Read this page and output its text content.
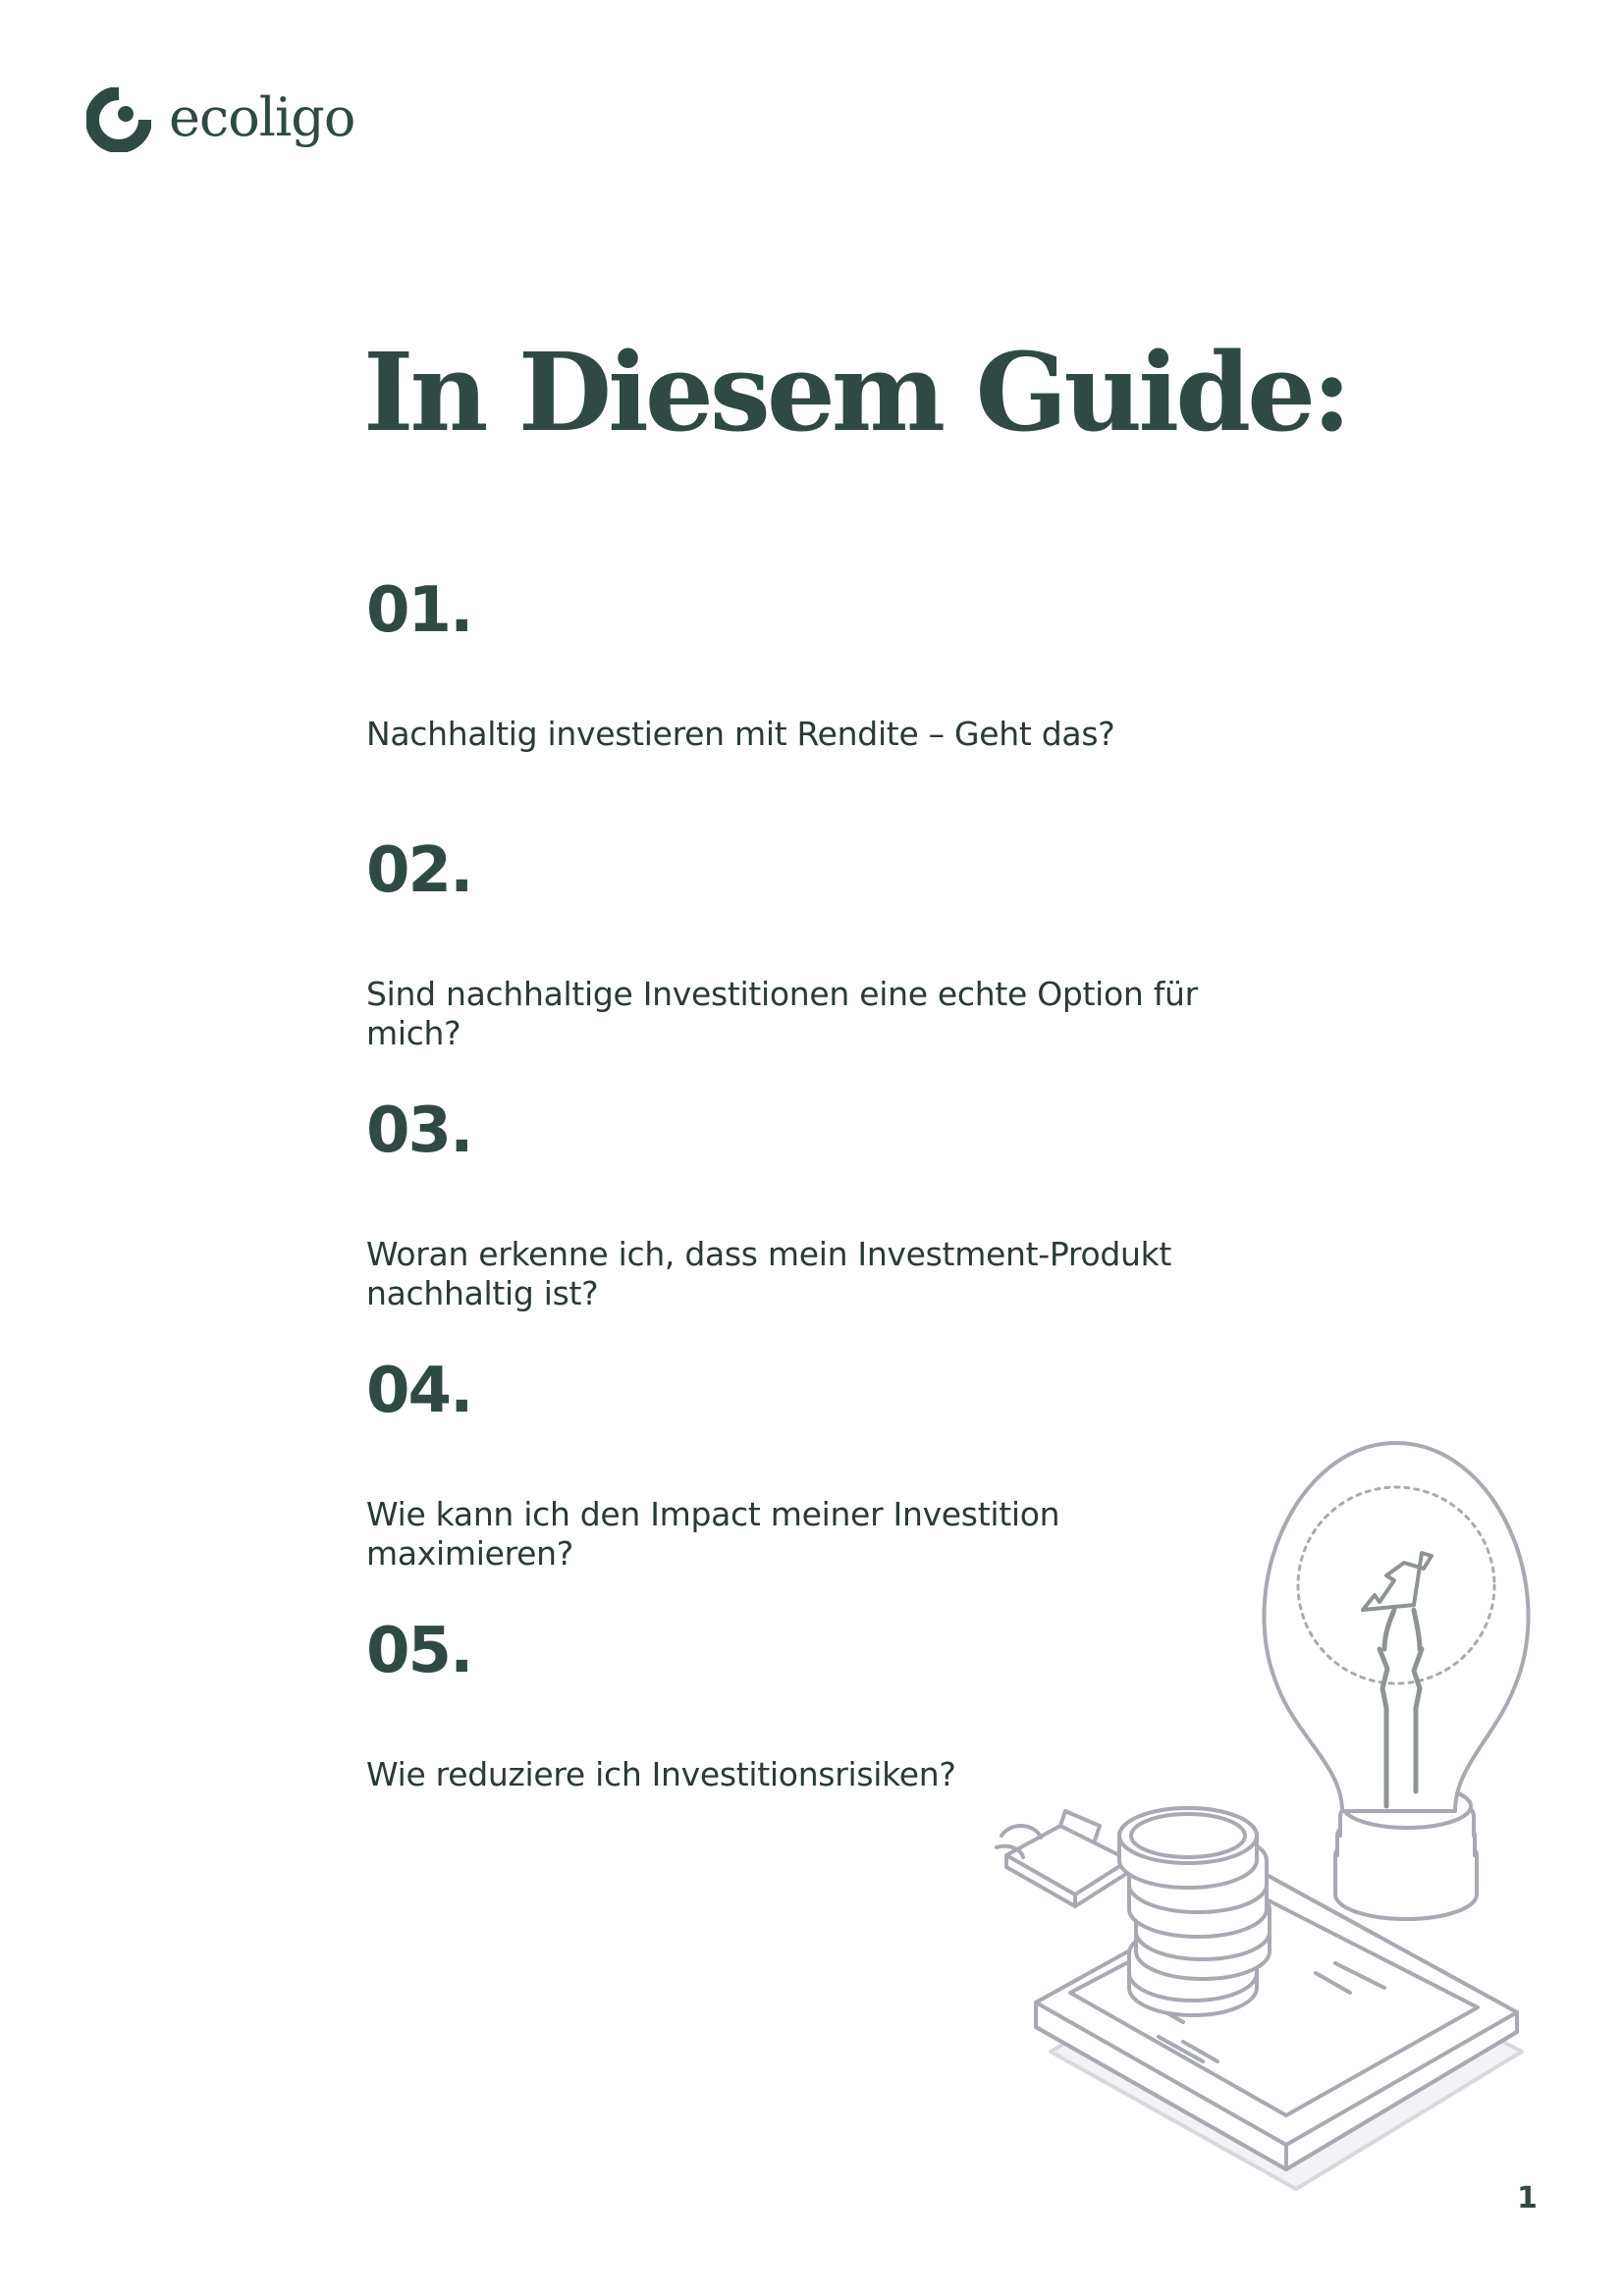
ecoligo
In Diesem Guide:
01.
Nachhaltig investieren mit Rendite – Geht das?
02.
Sind nachhaltige Investitionen eine echte Option für mich?
03.
Woran erkenne ich, dass mein Investment-Produkt nachhaltig ist?
04.
Wie kann ich den Impact meiner Investition maximieren?
05.
Wie reduziere ich Investitionsrisiken?
1
